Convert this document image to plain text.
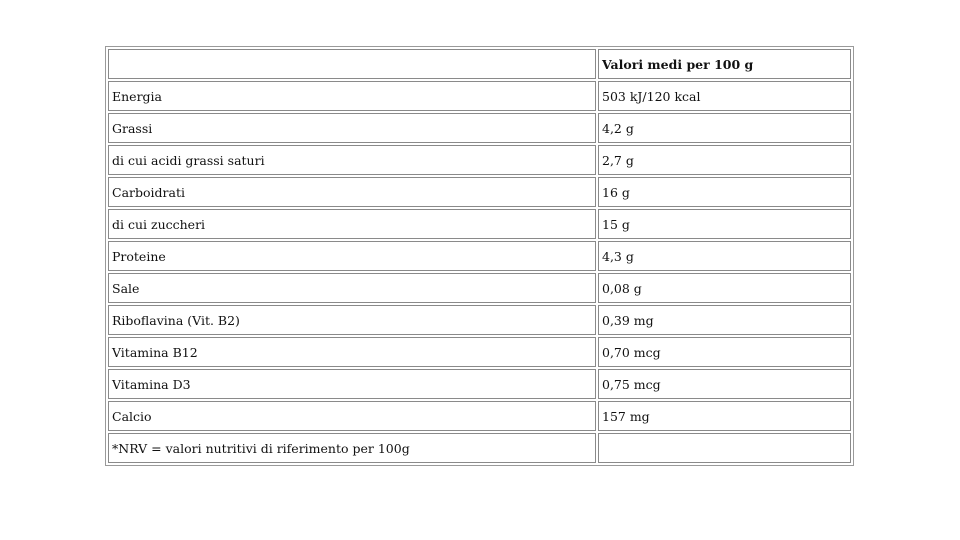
	Valori medi per 100 g
Energia	503 kJ/120 kcal
Grassi	4,2 g
di cui acidi grassi saturi	2,7 g
Carboidrati	16 g
di cui zuccheri	15 g
Proteine	4,3 g
Sale	0,08 g
Riboflavina (Vit. B2)	0,39 mg
Vitamina B12	0,70 mcg
Vitamina D3	0,75 mcg
Calcio	157 mg
*NRV = valori nutritivi di riferimento per 100g	
